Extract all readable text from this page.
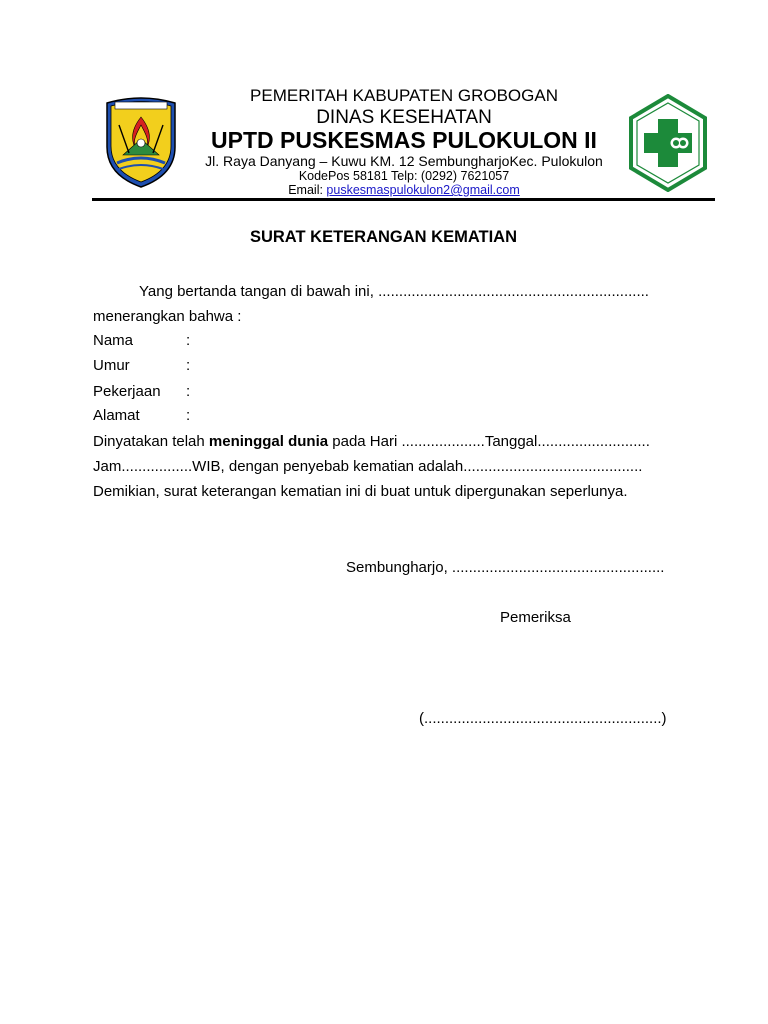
PEMERITAH KABUPATEN GROBOGAN
DINAS KESEHATAN
UPTD PUSKESMAS PULOKULON II
Jl. Raya Danyang – Kuwu KM. 12 SembungharjoKec. Pulokulon
KodePos 58181 Telp: (0292) 7621057
Email: puskesmaspulokulon2@gmail.com
SURAT KETERANGAN KEMATIAN
Yang bertanda tangan di bawah ini, .................................................................
menerangkan bahwa :
Nama	:
Umur	:
Pekerjaan :
Alamat	:
Dinyatakan telah meninggal dunia pada Hari ....................Tanggal...........................
Jam.................WIB, dengan penyebab kematian adalah...........................................
Demikian, surat keterangan kematian ini di buat untuk dipergunakan seperlunya.
Sembungharjo, ...................................................
Pemeriksa
(.........................................................)
